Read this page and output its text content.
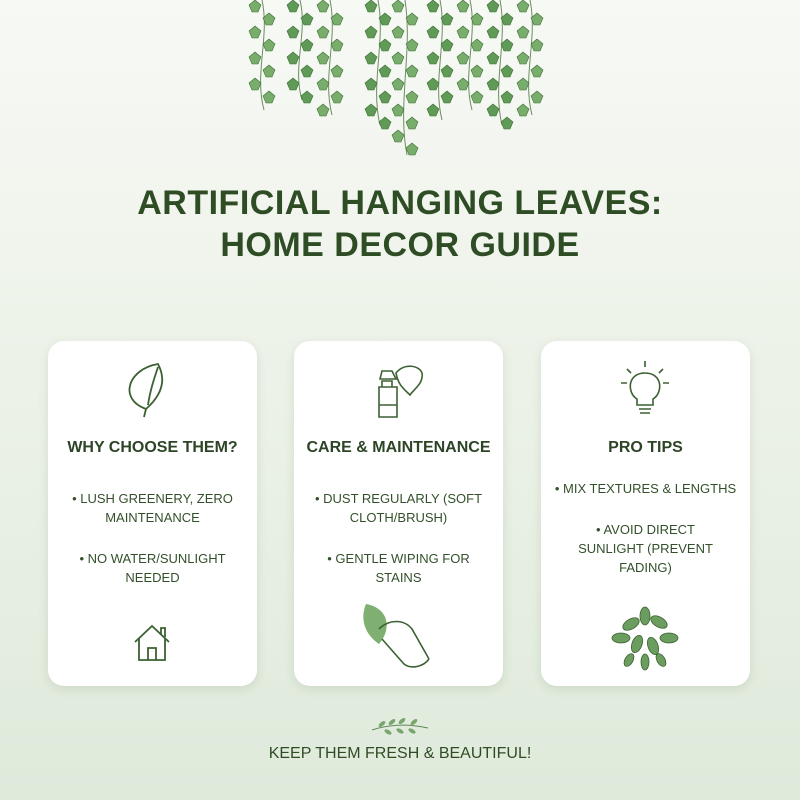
ARTIFICIAL HANGING LEAVES:
HOME DECOR GUIDE
WHY CHOOSE THEM?
• LUSH GREENERY, ZERO MAINTENANCE
• NO WATER/SUNLIGHT NEEDED
CARE & MAINTENANCE
• DUST REGULARLY (SOFT CLOTH/BRUSH)
• GENTLE WIPING FOR STAINS
PRO TIPS
• MIX TEXTURES & LENGTHS
• AVOID DIRECT SUNLIGHT (PREVENT FADING)
KEEP THEM FRESH & BEAUTIFUL!
